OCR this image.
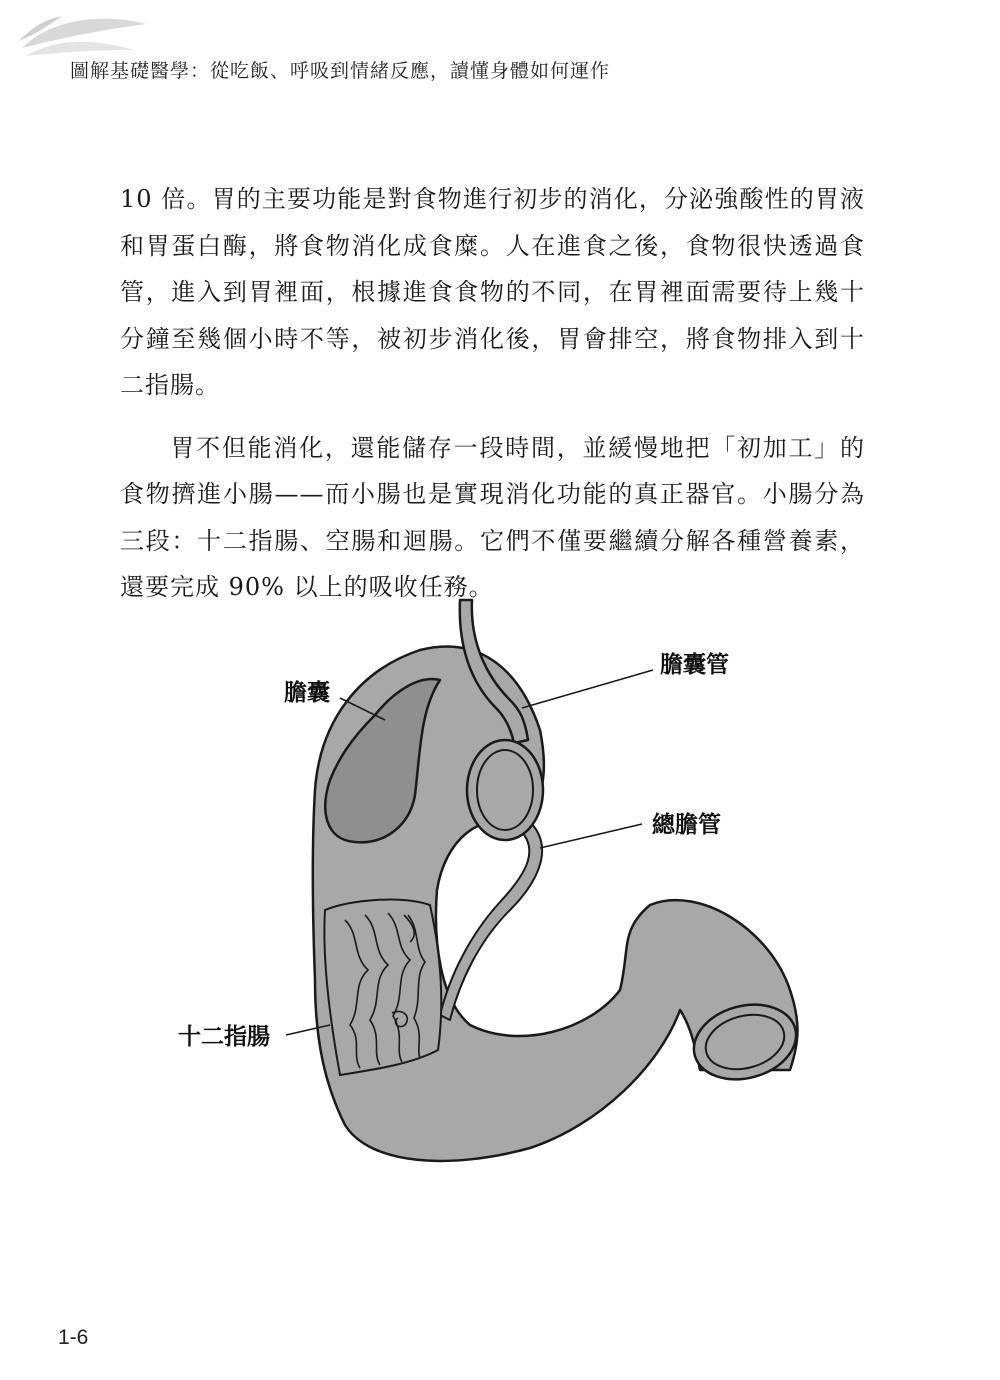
圖解基礎醫學：從吃飯、呼吸到情緒反應，讀懂身體如何運作

10 倍。胃的主要功能是對食物進行初步的消化，分泌強酸性的胃液和胃蛋白酶，將食物消化成食糜。人在進食之後，食物很快透過食管，進入到胃裡面，根據進食食物的不同，在胃裡面需要待上幾十分鐘至幾個小時不等，被初步消化後，胃會排空，將食物排入到十二指腸。

胃不但能消化，還能儲存一段時間，並緩慢地把「初加工」的食物擠進小腸——而小腸也是實現消化功能的真正器官。小腸分為三段：十二指腸、空腸和迴腸。它們不僅要繼續分解各種營養素，還要完成 90% 以上的吸收任務。

膽囊
膽囊管
總膽管
十二指腸
1-6
